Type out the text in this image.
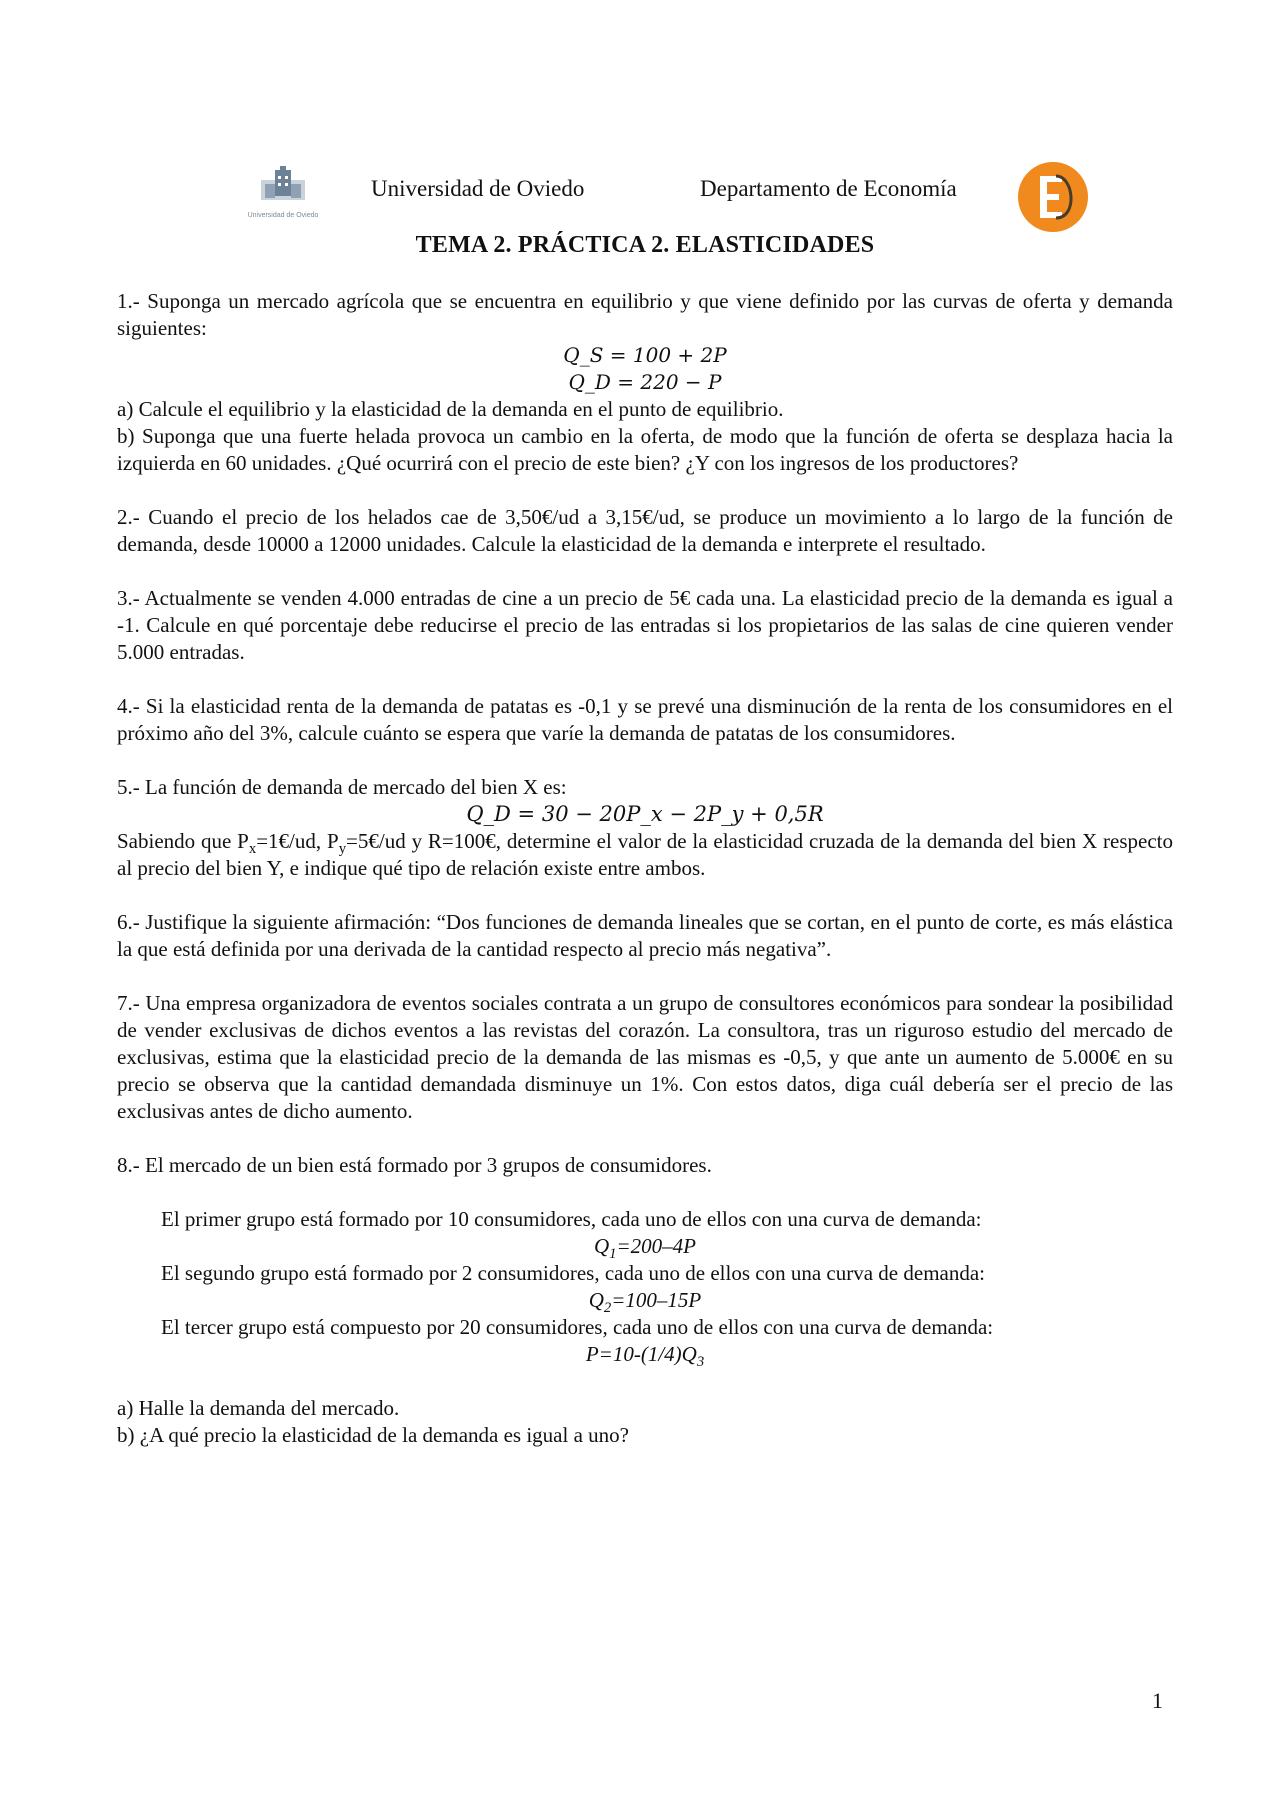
Universidad de Oviedo
Universidad de Oviedo	Departamento de Economía
TEMA 2. PRÁCTICA 2. ELASTICIDADES

1.- Suponga un mercado agrícola que se encuentra en equilibrio y que viene definido por las curvas de oferta y demanda siguientes:

Q_S = 100 + 2P

Q_D = 220 − P

a) Calcule el equilibrio y la elasticidad de la demanda en el punto de equilibrio.

b) Suponga que una fuerte helada provoca un cambio en la oferta, de modo que la función de oferta se desplaza hacia la izquierda en 60 unidades. ¿Qué ocurrirá con el precio de este bien? ¿Y con los ingresos de los productores?

2.- Cuando el precio de los helados cae de 3,50€/ud a 3,15€/ud, se produce un movimiento a lo largo de la función de demanda, desde 10000 a 12000 unidades. Calcule la elasticidad de la demanda e interprete el resultado.

3.- Actualmente se venden 4.000 entradas de cine a un precio de 5€ cada una. La elasticidad precio de la demanda es igual a -1. Calcule en qué porcentaje debe reducirse el precio de las entradas si los propietarios de las salas de cine quieren vender 5.000 entradas.

4.- Si la elasticidad renta de la demanda de patatas es -0,1 y se prevé una disminución de la renta de los consumidores en el próximo año del 3%, calcule cuánto se espera que varíe la demanda de patatas de los consumidores.

5.- La función de demanda de mercado del bien X es:

Q_D = 30 − 20P_x − 2P_y + 0,5R

Sabiendo que $P_x=1€/ud$, $P_y=5€/ud$ y R=100€, determine el valor de la elasticidad cruzada de la demanda del bien X respecto al precio del bien Y, e indique qué tipo de relación existe entre ambos.

6.- Justifique la siguiente afirmación: “Dos funciones de demanda lineales que se cortan, en el punto de corte, es más elástica la que está definida por una derivada de la cantidad respecto al precio más negativa”.

7.- Una empresa organizadora de eventos sociales contrata a un grupo de consultores económicos para sondear la posibilidad de vender exclusivas de dichos eventos a las revistas del corazón. La consultora, tras un riguroso estudio del mercado de exclusivas, estima que la elasticidad precio de la demanda de las mismas es -0,5, y que ante un aumento de 5.000€ en su precio se observa que la cantidad demandada disminuye un 1%. Con estos datos, diga cuál debería ser el precio de las exclusivas antes de dicho aumento.

8.- El mercado de un bien está formado por 3 grupos de consumidores.

El primer grupo está formado por 10 consumidores, cada uno de ellos con una curva de demanda:

$Q_1=200-4P$

El segundo grupo está formado por 2 consumidores, cada uno de ellos con una curva de demanda:

$Q_2=100-15P$

El tercer grupo está compuesto por 20 consumidores, cada uno de ellos con una curva de demanda:

$P=10-(1/4)Q_3$

a) Halle la demanda del mercado.

b) ¿A qué precio la elasticidad de la demanda es igual a uno?

1
